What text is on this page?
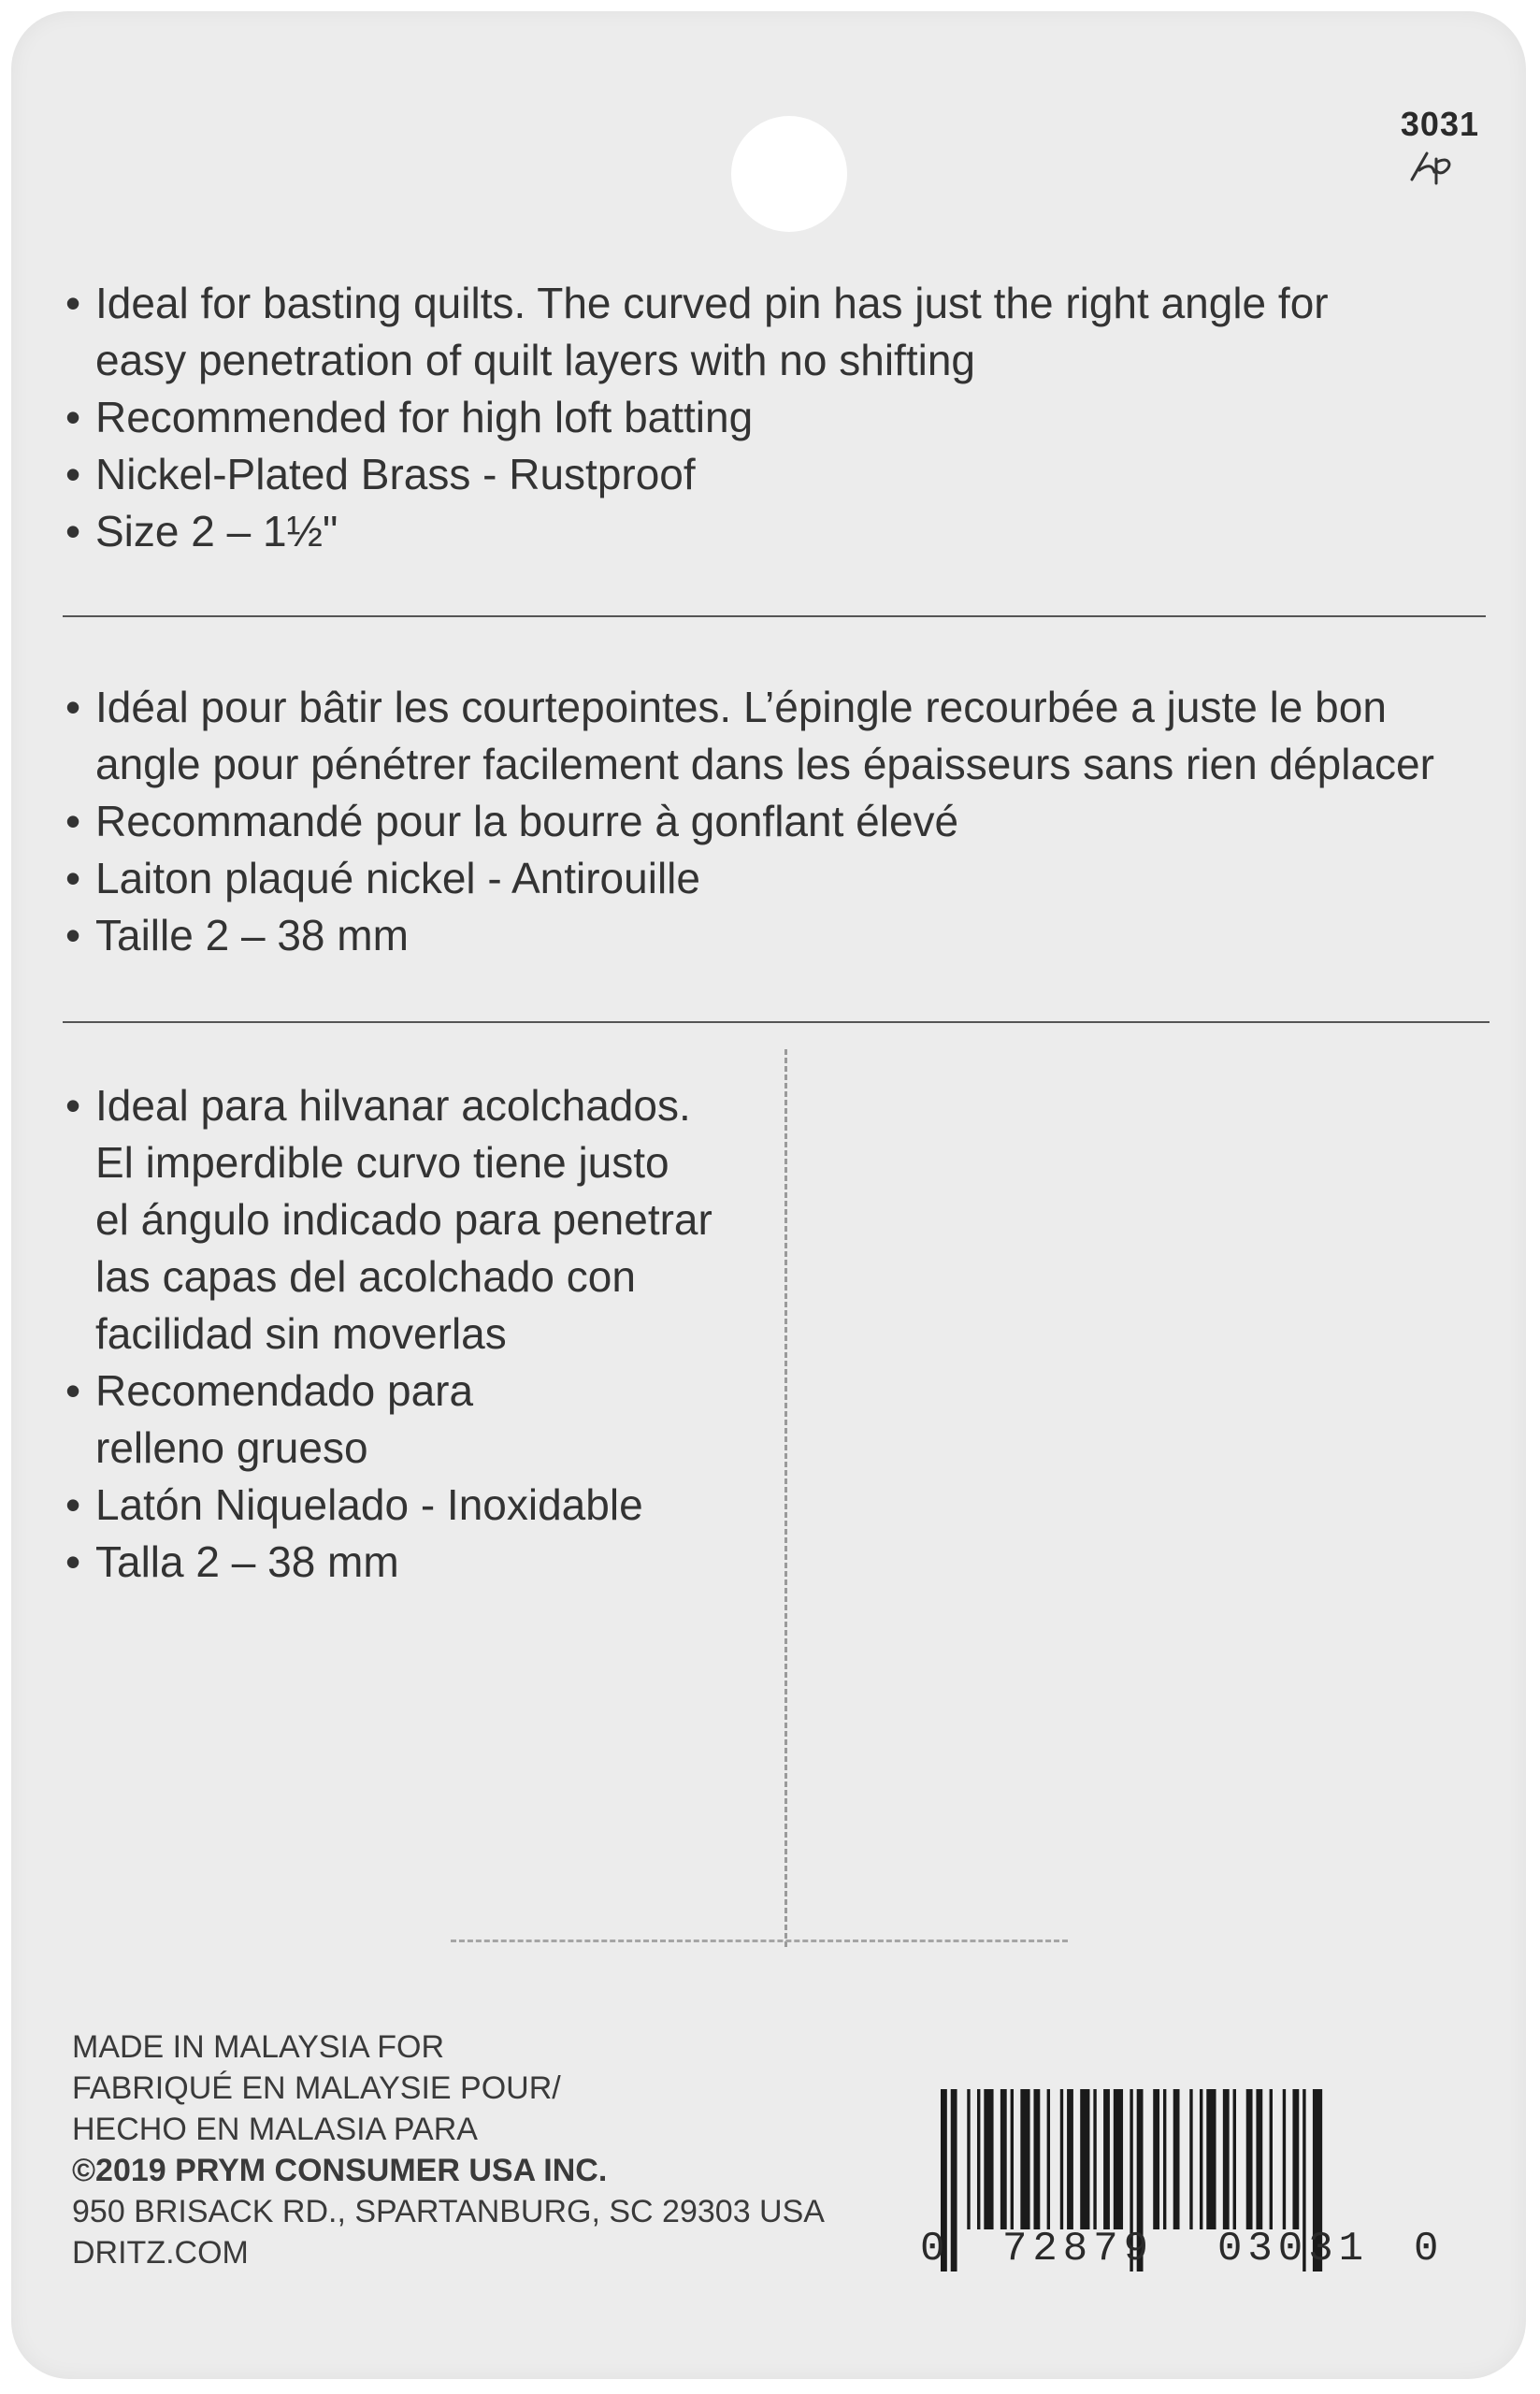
3031
• Ideal for basting quilts. The curved pin has just the right angle for easy penetration of quilt layers with no shifting
• Recommended for high loft batting
• Nickel-Plated Brass - Rustproof
• Size 2 – 1½"
• Idéal pour bâtir les courtepointes. L’épingle recourbée a juste le bon angle pour pénétrer facilement dans les épaisseurs sans rien déplacer
• Recommandé pour la bourre à gonflant élevé
• Laiton plaqué nickel - Antirouille
• Taille 2 – 38 mm
• Ideal para hilvanar acolchados. El imperdible curvo tiene justo el ángulo indicado para penetrar las capas del acolchado con facilidad sin moverlas
• Recomendado para relleno grueso
• Latón Niquelado - Inoxidable
• Talla 2 – 38 mm
MADE IN MALAYSIA FOR
FABRIQUÉ EN MALAYSIE POUR/
HECHO EN MALASIA PARA
©2019 PRYM CONSUMER USA INC.
950 BRISACK RD., SPARTANBURG, SC 29303 USA
DRITZ.COM	0 72879 03031 0
